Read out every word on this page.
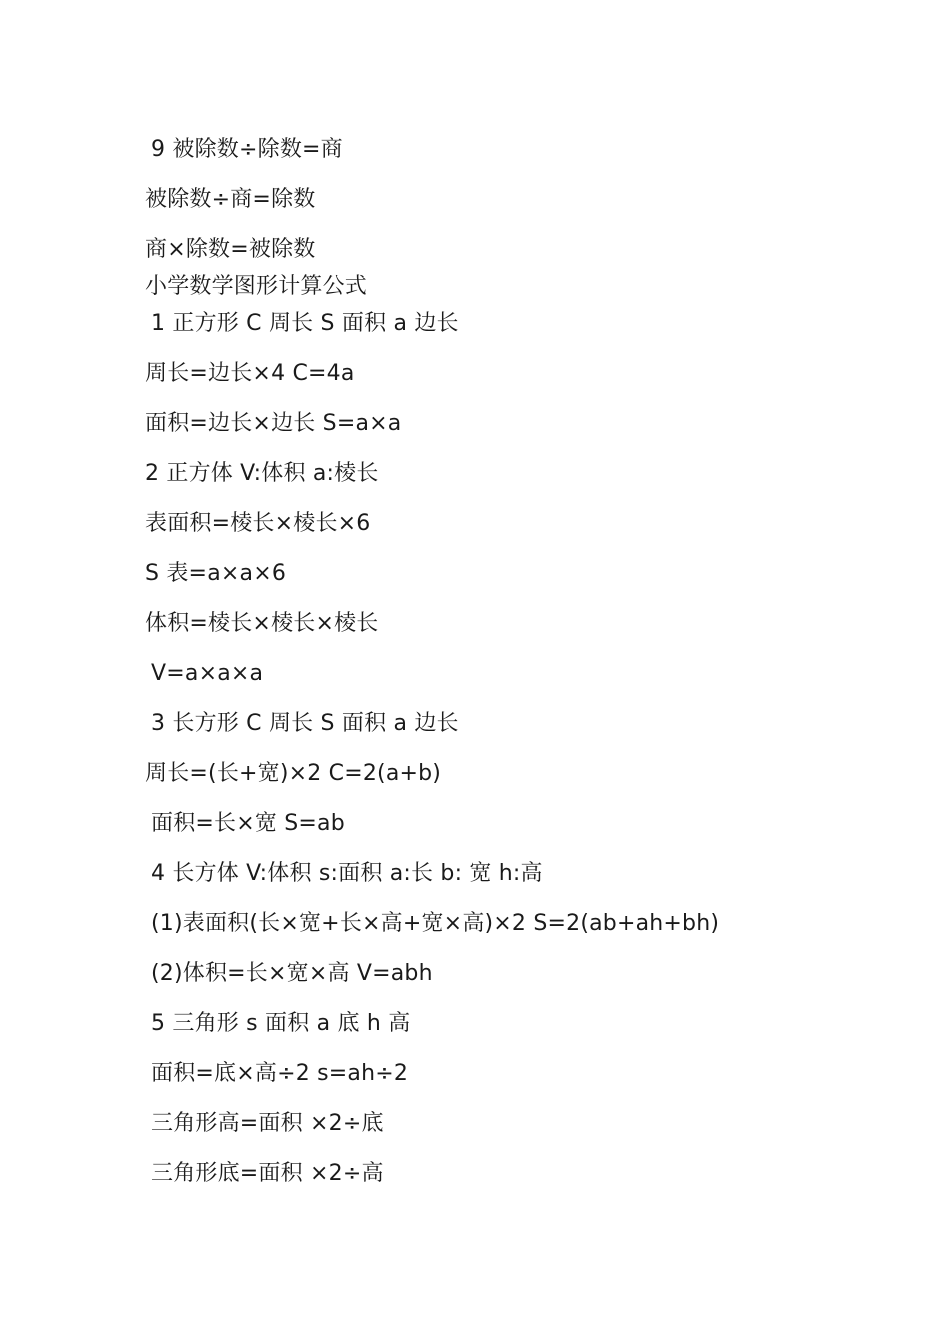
9 被除数÷除数=商
被除数÷商=除数
商×除数=被除数
小学数学图形计算公式
1 正方形 C 周长 S 面积 a 边长
周长=边长×4 C=4a
面积=边长×边长 S=a×a
2 正方体 V:体积 a:棱长
表面积=棱长×棱长×6
S 表=a×a×6
体积=棱长×棱长×棱长
V=a×a×a
3 长方形 C 周长 S 面积 a 边长
周长=(长+宽)×2 C=2(a+b)
面积=长×宽 S=ab
4 长方体 V:体积 s:面积 a:长 b: 宽 h:高
(1)表面积(长×宽+长×高+宽×高)×2 S=2(ab+ah+bh)
(2)体积=长×宽×高 V=abh
5 三角形 s 面积 a 底 h 高
面积=底×高÷2 s=ah÷2
三角形高=面积 ×2÷底
三角形底=面积 ×2÷高
